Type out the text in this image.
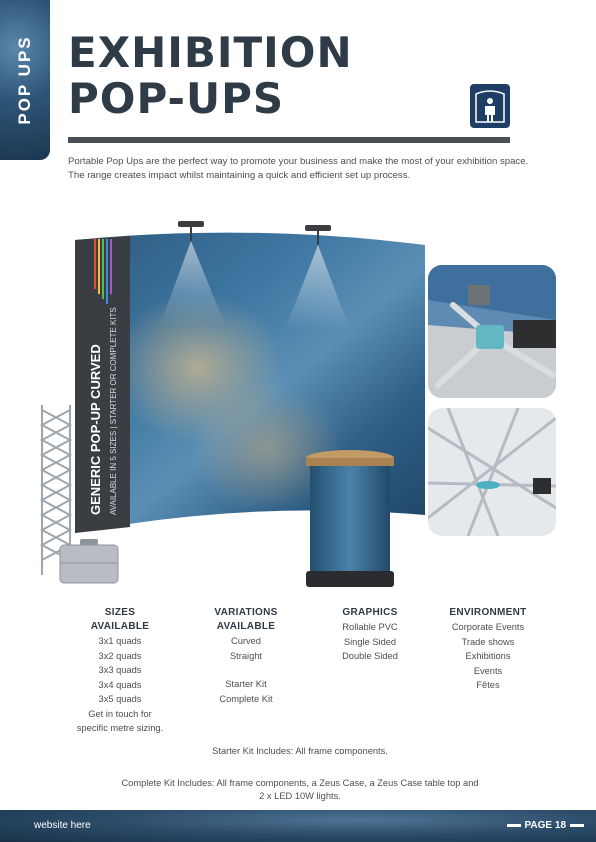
POP UPS EXHIBITION
POP-UPS

Portable Pop Ups are the perfect way to promote your business and make the most of your exhibition space. The range creates impact whilst maintaining a quick and efficient set up process.

GENERIC POP-UP CURVED AVAILABLE IN 5 SIZES | STARTER OR COMPLETE KITS
SIZES
AVAILABLE
3x1 quads
3x2 quads
3x3 quads
3x4 quads
3x5 quads
Get in touch for
specific metre sizing.
VARIATIONS
AVAILABLE
Curved
Straight
Starter Kit
Complete Kit
GRAPHICS
Rollable PVC
Single Sided
Double Sided
ENVIRONMENT
Corporate Events
Trade shows
Exhibitions
Events
Fêtes
Starter Kit Includes: All frame components.
Complete Kit Includes: All frame components, a Zeus Case, a Zeus Case table top and 2 x LED 10W lights.
website here	PAGE 18
